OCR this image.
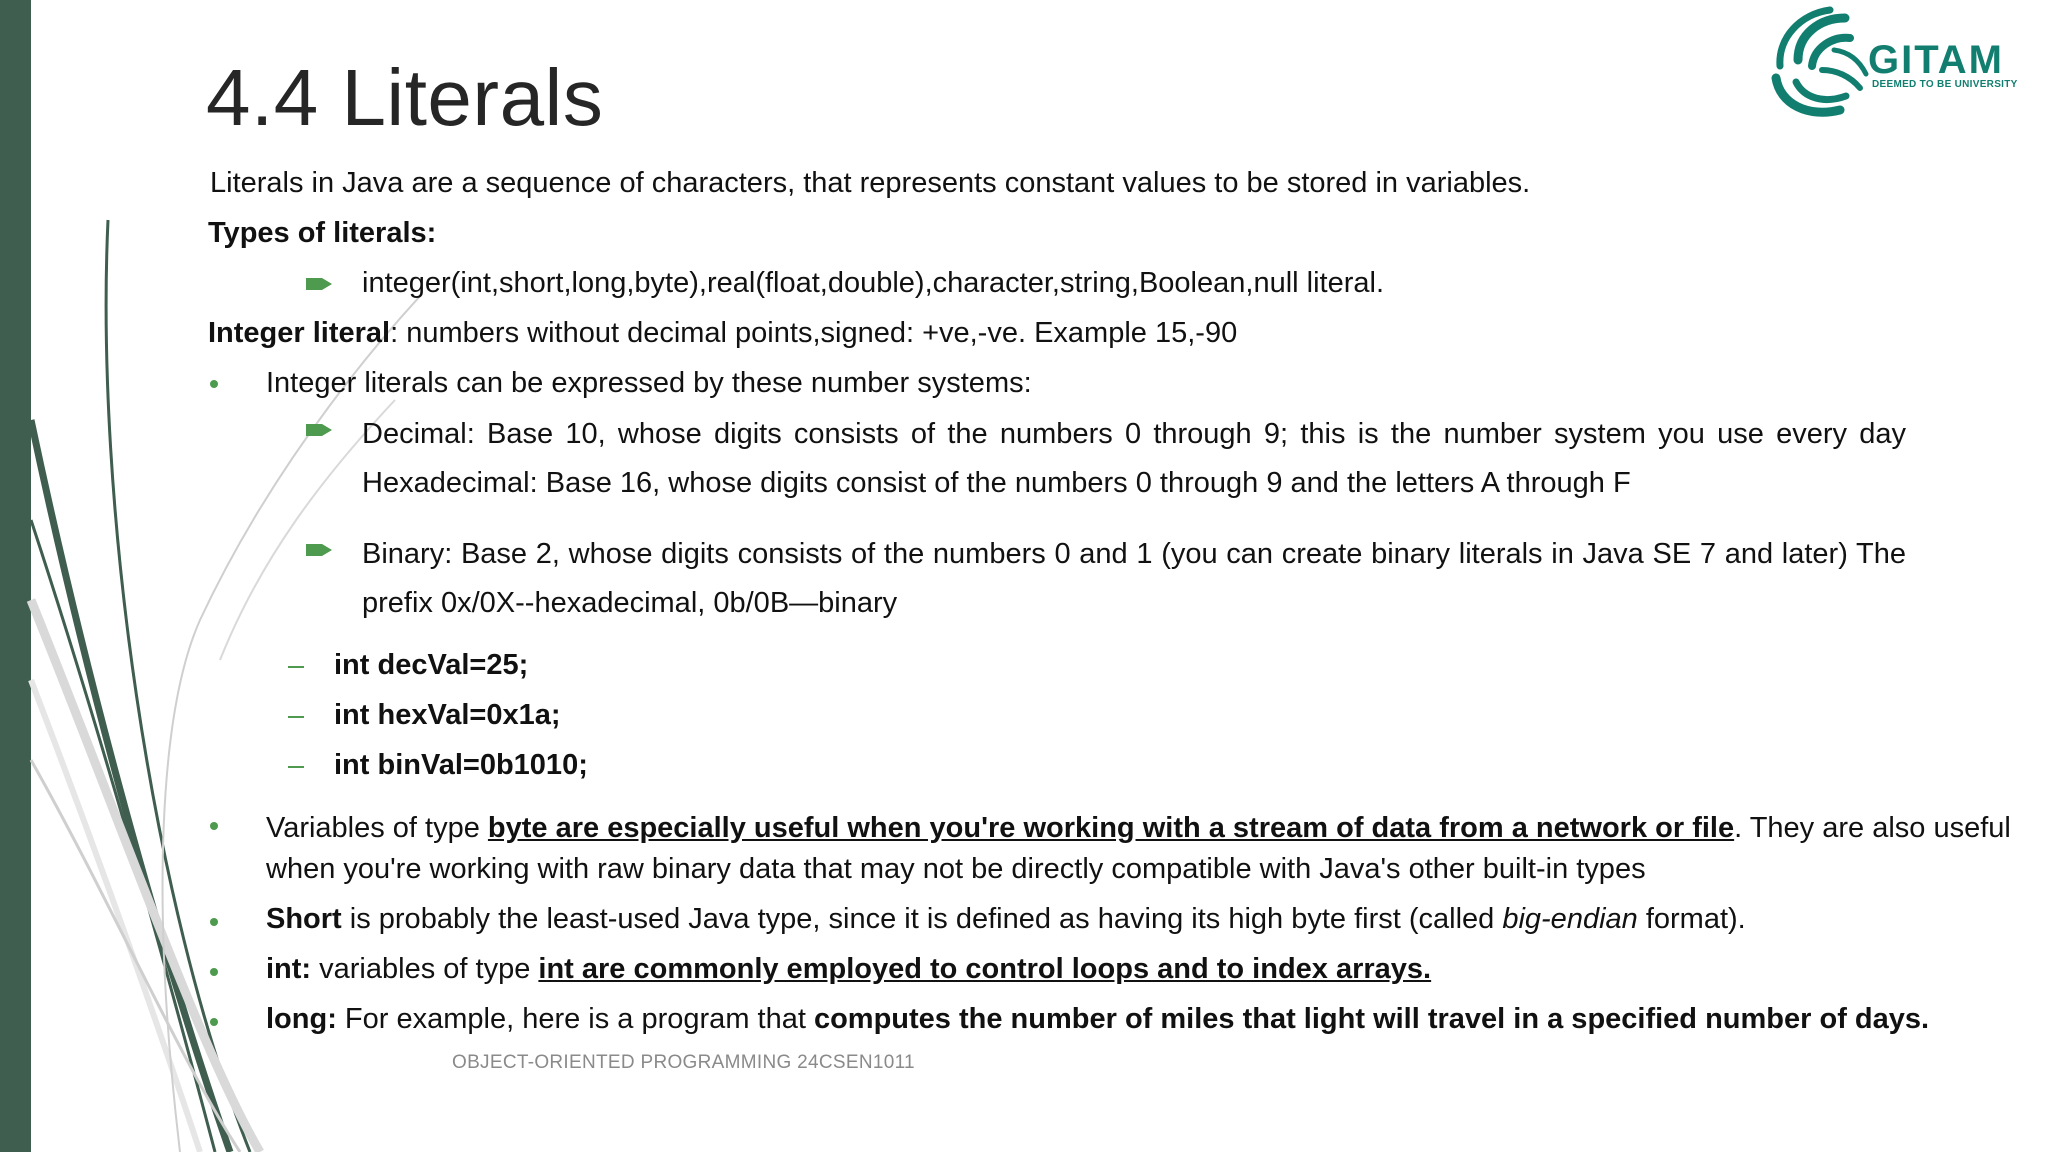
4.4 Literals	GITAM
DEEMED TO BE UNIVERSITY
Literals in Java are a sequence of characters, that represents constant values to be stored in variables.
Types of literals:
integer(int,short,long,byte),real(float,double),character,string,Boolean,null literal.
Integer literal: numbers without decimal points,signed: +ve,-ve. Example 15,-90
Integer literals can be expressed by these number systems:
Decimal: Base 10, whose digits consists of the numbers 0 through 9; this is the number system you use every day Hexadecimal: Base 16, whose digits consist of the numbers 0 through 9 and the letters A through F
Binary: Base 2, whose digits consists of the numbers 0 and 1 (you can create binary literals in Java SE 7 and later) The prefix 0x/0X--hexadecimal, 0b/0B—binary
int decVal=25;
int hexVal=0x1a;
int binVal=0b1010;
Variables of type byte are especially useful when you're working with a stream of data from a network or file. They are also useful when you're working with raw binary data that may not be directly compatible with Java's other built-in types
Short is probably the least-used Java type, since it is defined as having its high byte first (called big-endian format).
int: variables of type int are commonly employed to control loops and to index arrays.
long: For example, here is a program that computes the number of miles that light will travel in a specified number of days.
OBJECT-ORIENTED PROGRAMMING 24CSEN1011
